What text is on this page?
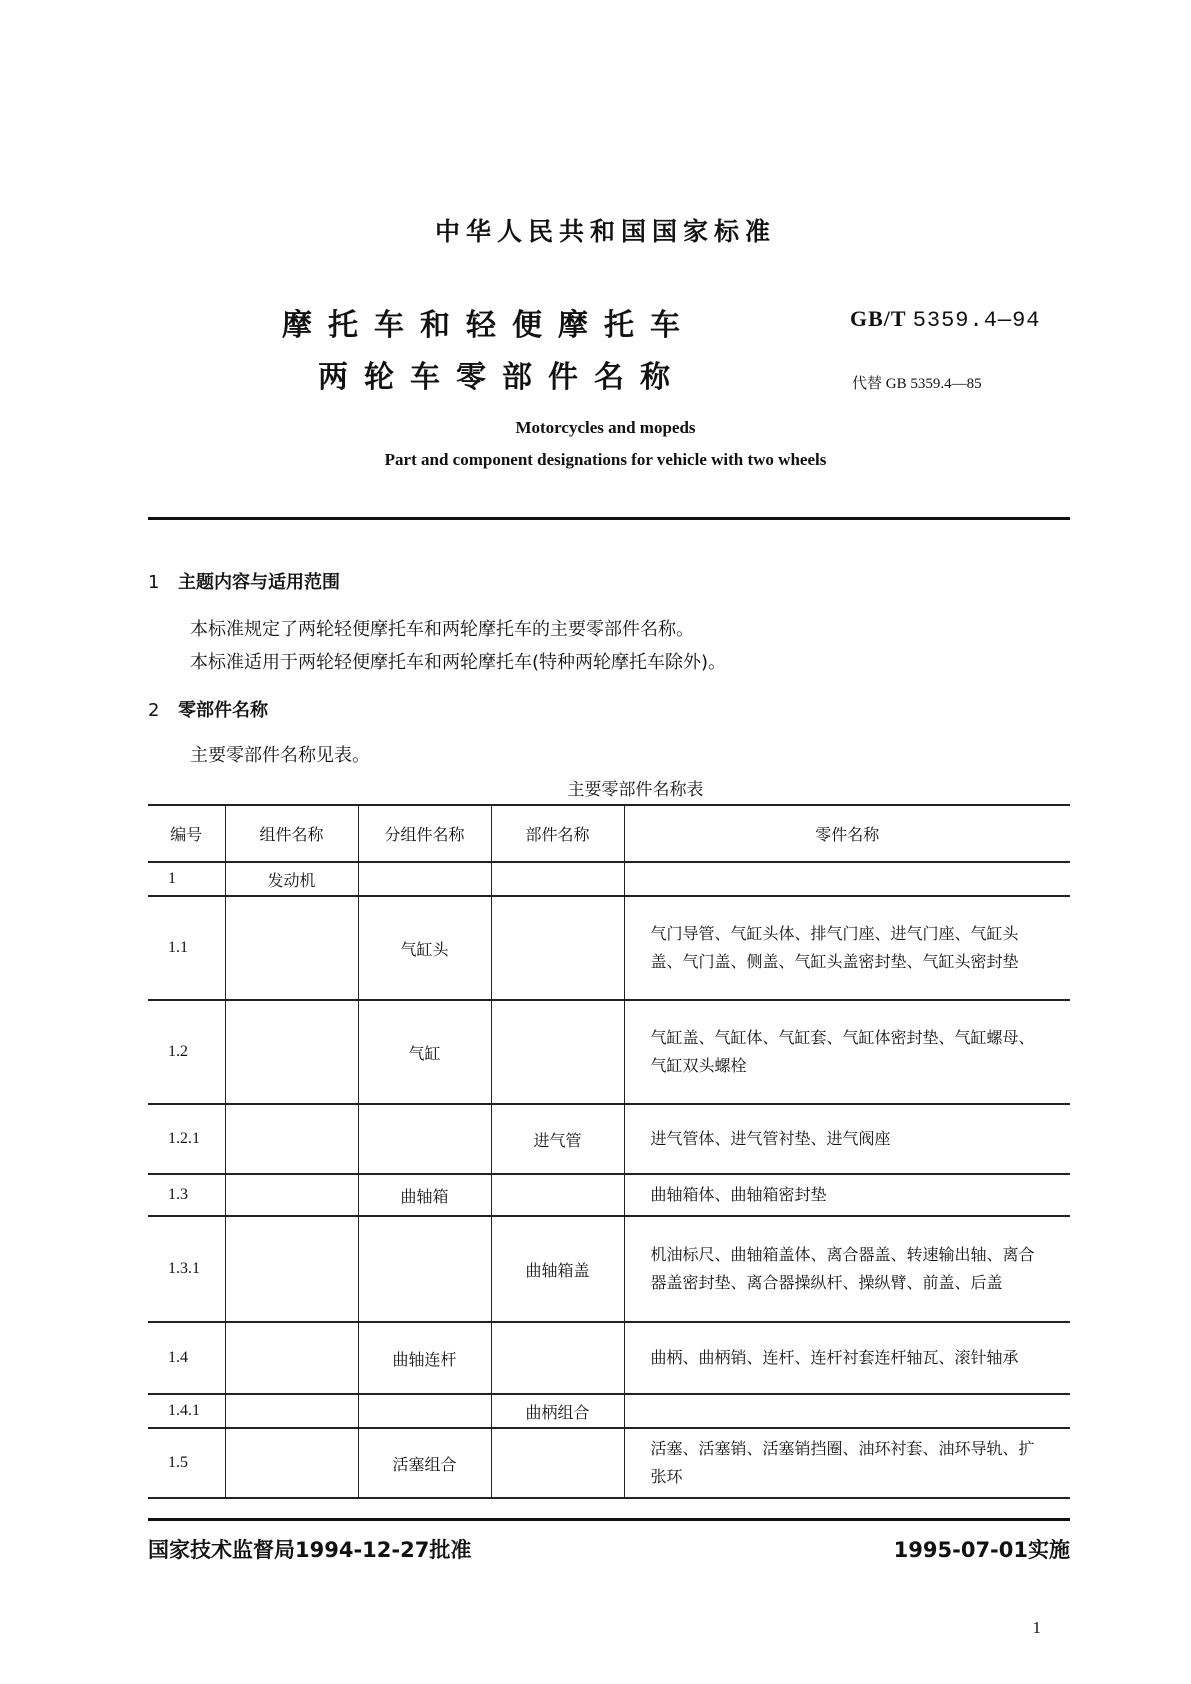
中华人民共和国国家标准
摩托车和轻便摩托车
两轮车零部件名称
GB/T 5359.4—94
代替 GB 5359.4—85
Motorcycles and mopeds
Part and component designations for vehicle with two wheels
1 主题内容与适用范围
本标准规定了两轮轻便摩托车和两轮摩托车的主要零部件名称。
本标准适用于两轮轻便摩托车和两轮摩托车(特种两轮摩托车除外)。
2 零部件名称
主要零部件名称见表。
主要零部件名称表
编号	组件名称	分组件名称	部件名称	零件名称
1	发动机			
1.1		气缸头		气门导管、气缸头体、排气门座、进气门座、气缸头盖、气门盖、侧盖、气缸头盖密封垫、气缸头密封垫
1.2		气缸		气缸盖、气缸体、气缸套、气缸体密封垫、气缸螺母、气缸双头螺栓
1.2.1			进气管	进气管体、进气管衬垫、进气阀座
1.3		曲轴箱		曲轴箱体、曲轴箱密封垫
1.3.1			曲轴箱盖	机油标尺、曲轴箱盖体、离合器盖、转速输出轴、离合器盖密封垫、离合器操纵杆、操纵臂、前盖、后盖
1.4		曲轴连杆		曲柄、曲柄销、连杆、连杆衬套连杆轴瓦、滚针轴承
1.4.1			曲柄组合	
1.5		活塞组合		活塞、活塞销、活塞销挡圈、油环衬套、油环导轨、扩张环
国家技术监督局1994-12-27批准	1995-07-01实施
1
